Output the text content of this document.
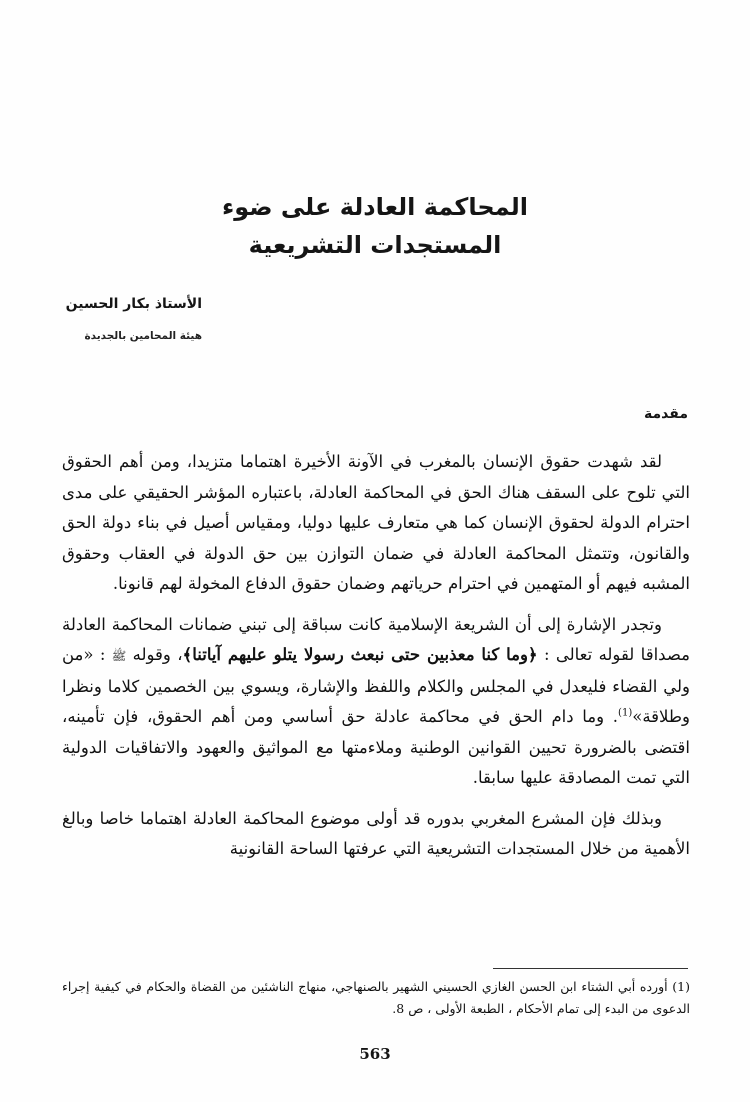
المحاكمة العادلة على ضوء
المستجدات التشريعية
الأستاذ بكار الحسين
هيئة المحامين بالجديدة
مقدمة

لقد شهدت حقوق الإنسان بالمغرب في الآونة الأخيرة اهتماما متزيدا، ومن أهم الحقوق التي تلوح على السقف هناك الحق في المحاكمة العادلة، باعتباره المؤشر الحقيقي على مدى احترام الدولة لحقوق الإنسان كما هي متعارف عليها دوليا، ومقياس أصيل في بناء دولة الحق والقانون، وتتمثل المحاكمة العادلة في ضمان التوازن بين حق الدولة في العقاب وحقوق المشبه فيهم أو المتهمين في احترام حرياتهم وضمان حقوق الدفاع المخولة لهم قانونا.

وتجدر الإشارة إلى أن الشريعة الإسلامية كانت سباقة إلى تبني ضمانات المحاكمة العادلة مصداقا لقوله تعالى : ﴿وما كنا معذبين حتى نبعث رسولا يتلو عليهم آياتنا﴾، وقوله ﷺ : «من ولي القضاء فليعدل في المجلس والكلام واللفظ والإشارة، ويسوي بين الخصمين كلاما ونظرا وطلاقة»$^{(1)}$. وما دام الحق في محاكمة عادلة حق أساسي ومن أهم الحقوق، فإن تأمينه، اقتضى بالضرورة تحيين القوانين الوطنية وملاءمتها مع المواثيق والعهود والاتفاقيات الدولية التي تمت المصادقة عليها سابقا.

وبذلك فإن المشرع المغربي بدوره قد أولى موضوع المحاكمة العادلة اهتماما خاصا وبالغ الأهمية من خلال المستجدات التشريعية التي عرفتها الساحة القانونية

(1) أورده أبي الشتاء ابن الحسن الغازي الحسيني الشهير بالصنهاجي، منهاج الناشئين من القضاة والحكام في كيفية إجراء الدعوى من البدء إلى تمام الأحكام ، الطبعة الأولى ، ص 8.
563
